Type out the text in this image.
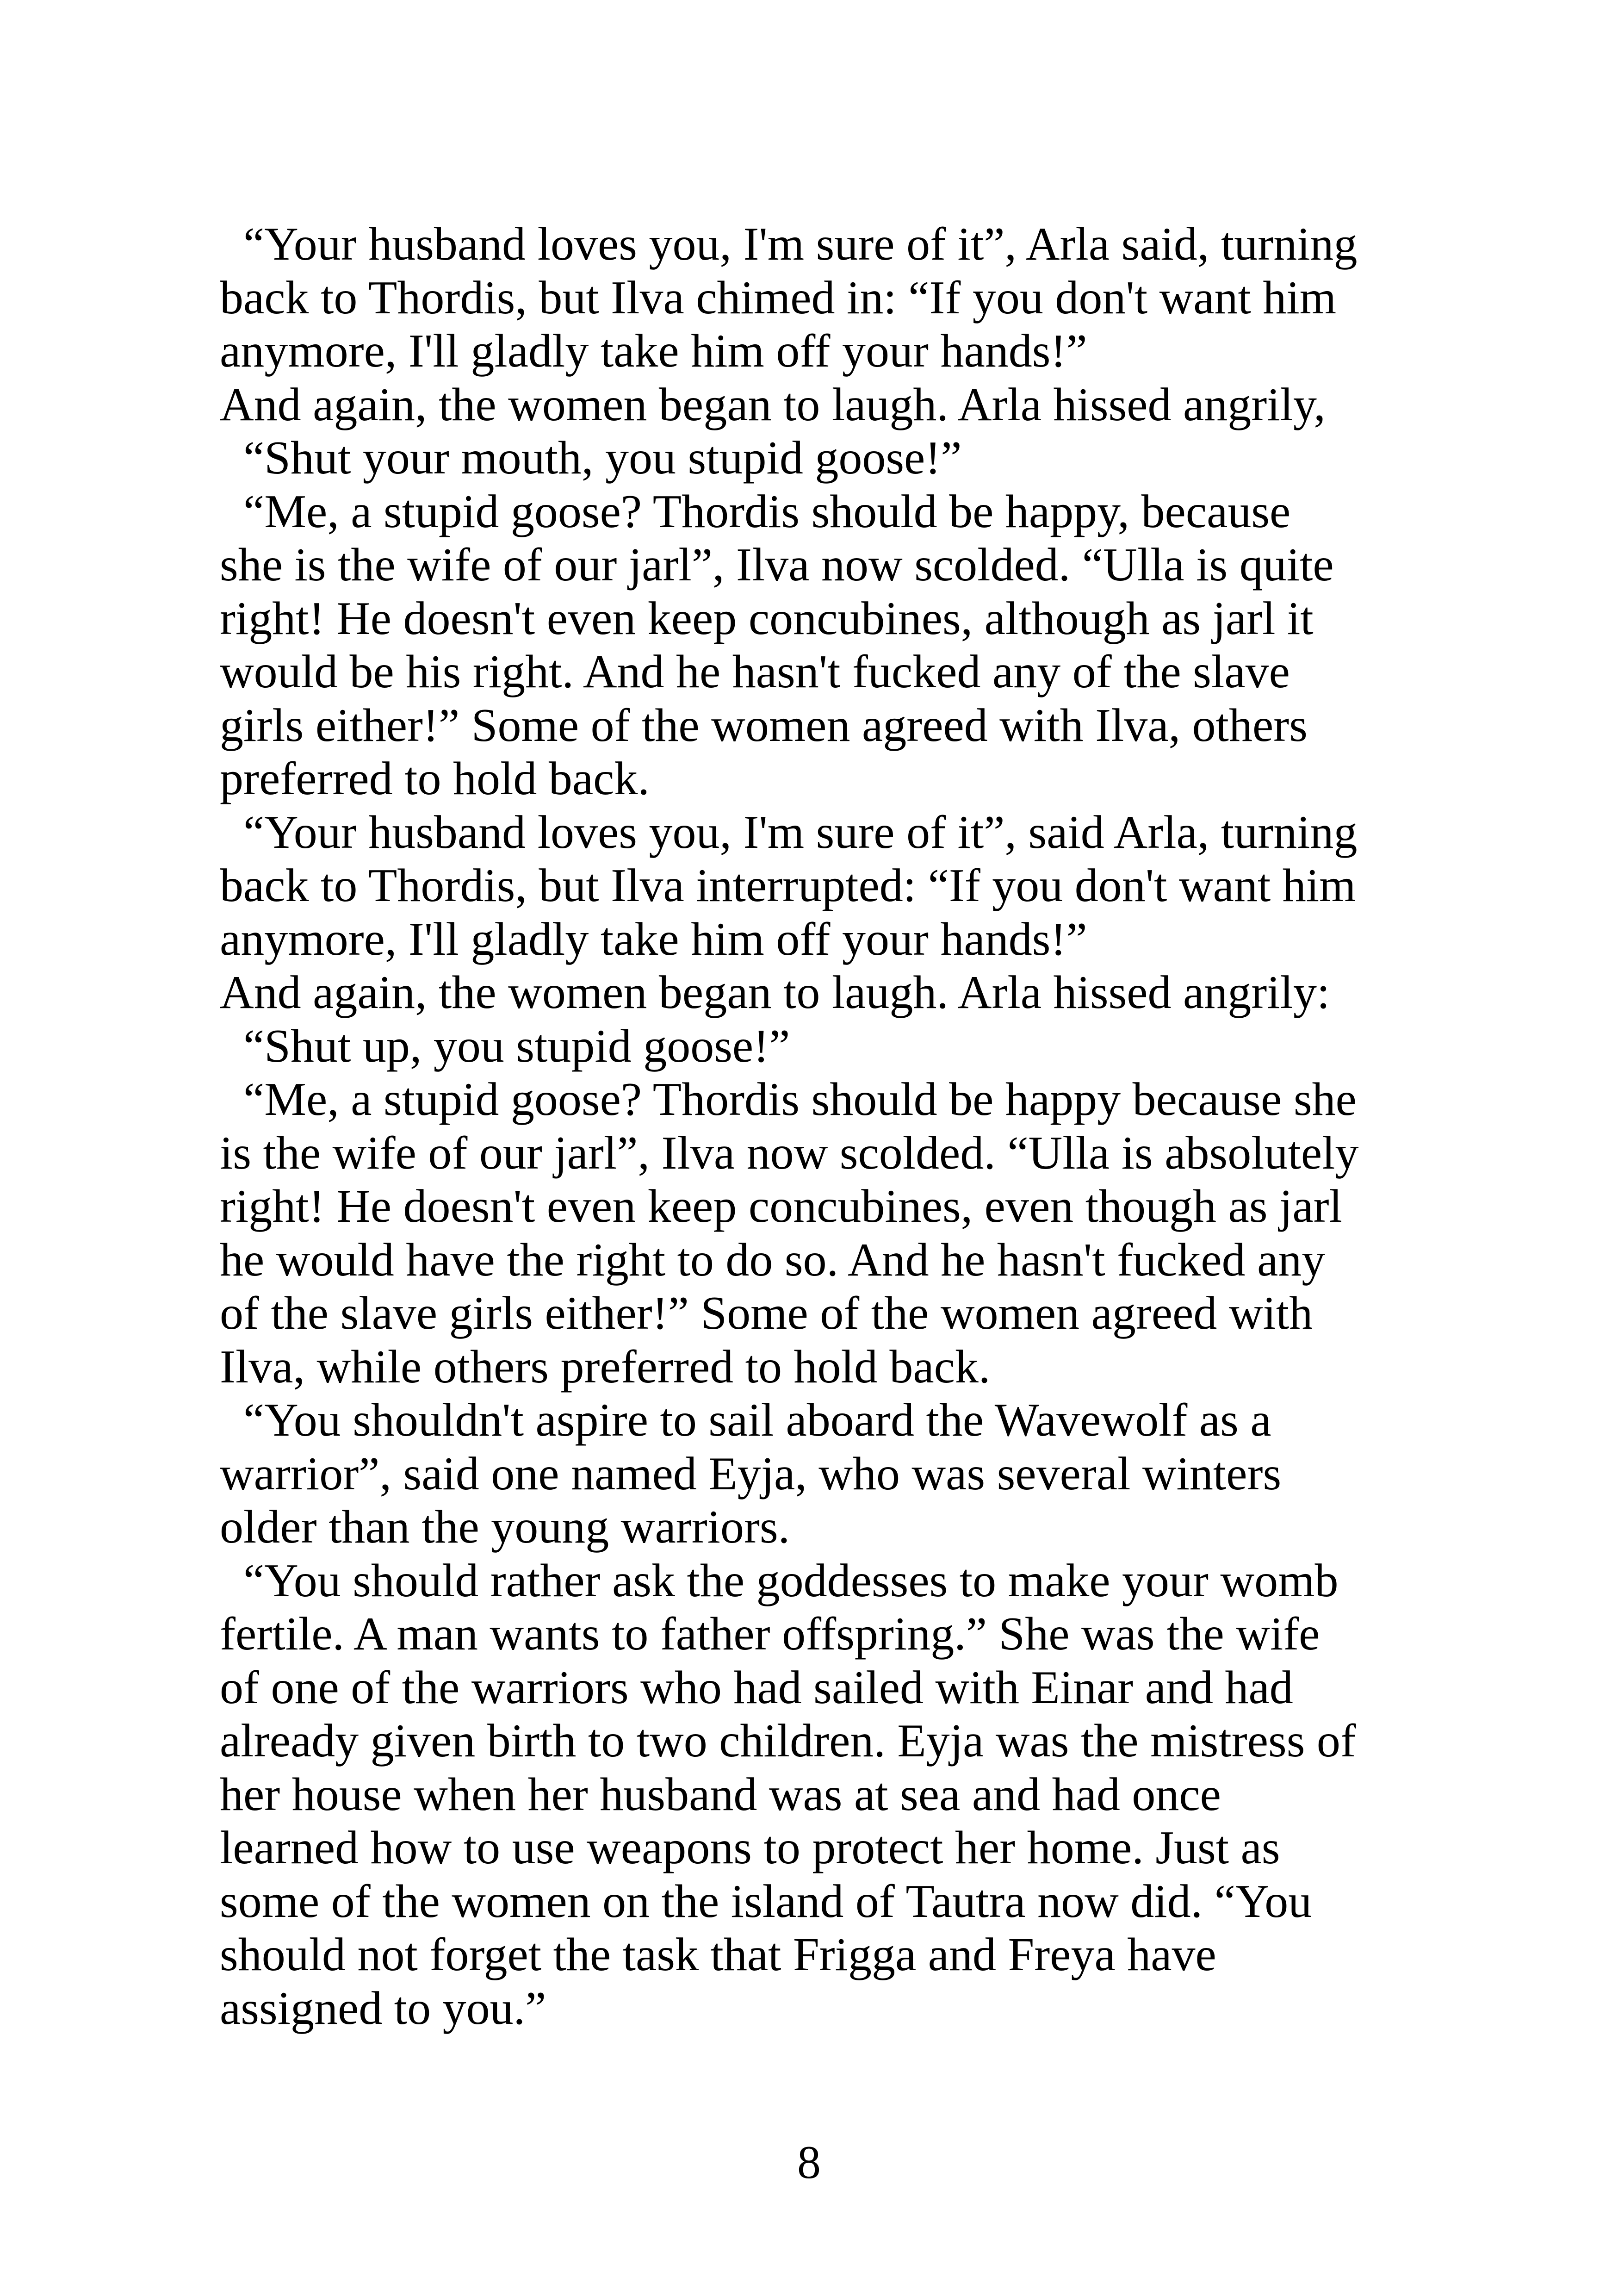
“Your husband loves you, I'm sure of it”, Arla said, turning
back to Thordis, but Ilva chimed in: “If you don't want him
anymore, I'll gladly take him off your hands!”
And again, the women began to laugh. Arla hissed angrily,
“Shut your mouth, you stupid goose!”
“Me, a stupid goose? Thordis should be happy, because
she is the wife of our jarl”, Ilva now scolded. “Ulla is quite
right! He doesn't even keep concubines, although as jarl it
would be his right. And he hasn't fucked any of the slave
girls either!” Some of the women agreed with Ilva, others
preferred to hold back.
“Your husband loves you, I'm sure of it”, said Arla, turning
back to Thordis, but Ilva interrupted: “If you don't want him
anymore, I'll gladly take him off your hands!”
And again, the women began to laugh. Arla hissed angrily:
“Shut up, you stupid goose!”
“Me, a stupid goose? Thordis should be happy because she
is the wife of our jarl”, Ilva now scolded. “Ulla is absolutely
right! He doesn't even keep concubines, even though as jarl
he would have the right to do so. And he hasn't fucked any
of the slave girls either!” Some of the women agreed with
Ilva, while others preferred to hold back.
“You shouldn't aspire to sail aboard the Wavewolf as a
warrior”, said one named Eyja, who was several winters
older than the young warriors.
“You should rather ask the goddesses to make your womb
fertile. A man wants to father offspring.” She was the wife
of one of the warriors who had sailed with Einar and had
already given birth to two children. Eyja was the mistress of
her house when her husband was at sea and had once
learned how to use weapons to protect her home. Just as
some of the women on the island of Tautra now did. “You
should not forget the task that Frigga and Freya have
assigned to you.”
8
